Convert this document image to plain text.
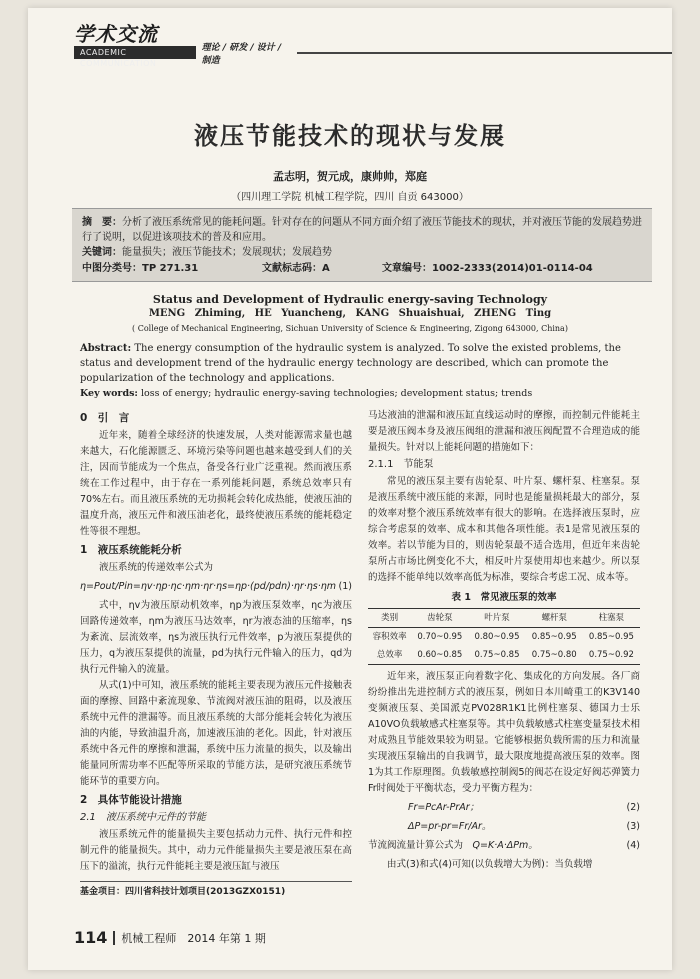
学术交流
ACADEMIC COMMUNICATION
理论 / 研发 / 设计 / 制造
液压节能技术的现状与发展
孟志明，贺元成，康帅帅，郑庭
（四川理工学院 机械工程学院，四川 自贡 643000）
摘　要：分析了液压系统常见的能耗问题。针对存在的问题从不同方面介绍了液压节能技术的现状，并对液压节能的发展趋势进行了说明，以促进该项技术的普及和应用。
关键词：能量损失；液压节能技术；发展现状；发展趋势
中图分类号：TP 271.31	文献标志码：A	文章编号：1002-2333(2014)01-0114-04
Status and Development of Hydraulic energy-saving Technology
MENG Zhiming, HE Yuancheng, KANG Shuaishuai, ZHENG Ting
( College of Mechanical Engineering, Sichuan University of Science & Engineering, Zigong 643000, China)
Abstract: The energy consumption of the hydraulic system is analyzed. To solve the existed problems, the status and development trend of the hydraulic energy technology are described, which can promote the popularization of the technology and applications.
Key words: loss of energy; hydraulic energy-saving technologies; development status; trends
0　引　言

近年来，随着全球经济的快速发展，人类对能源需求量也越来越大，石化能源匮乏、环境污染等问题也越来越受到人们的关注，因而节能成为一个焦点，备受各行业广泛重视。然而液压系统在工作过程中，由于存在一系列能耗问题，系统总效率只有70%左右。而且液压系统的无功损耗会转化成热能，使液压油的温度升高，液压元件和液压油老化，最终使液压系统的能耗稳定性等很不理想。

1　液压系统能耗分析

液压系统的传递效率公式为

η=Pout/Pin=ηv·ηp·ηc·ηm·ηr·ηs=ηp·(pd/pdn)·ηr·ηs·ηm (1)

式中，ηv为液压原动机效率，ηp为液压泵效率，ηc为液压回路传递效率，ηm为液压马达效率，ηr为液态油的压缩率，ηs为紊流、层流效率，ηs为液压执行元件效率，p为液压泵提供的压力，q为液压泵提供的流量，pd为执行元件输入的压力，qd为执行元件输入的流量。

从式(1)中可知，液压系统的能耗主要表现为液压元件接触表面的摩擦、回路中紊流现象、节流阀对液压油的阻碍，以及液压系统中元件的泄漏等。而且液压系统的大部分能耗会转化为液压油的内能，导致油温升高，加速液压油的老化。因此，针对液压系统中各元件的摩擦和泄漏，系统中压力流量的损失，以及输出能量同所需功率不匹配等所采取的节能方法，是研究液压系统节能环节的重要方向。

2　具体节能设计措施
2.1　液压系统中元件的节能

液压系统元件的能量损失主要包括动力元件、执行元件和控制元件的能量损失。其中，动力元件能量损失主要是液压泵在高压下的溢流，执行元件能耗主要是液压缸与液压

基金项目：四川省科技计划项目(2013GZX0151)

马达液油的泄漏和液压缸直线运动时的摩擦，而控制元件能耗主要是液压阀本身及液压阀组的泄漏和液压阀配置不合理造成的能量损失。针对以上能耗问题的措施如下：

2.1.1　节能泵

常见的液压泵主要有齿轮泵、叶片泵、螺杆泵、柱塞泵。泵是液压系统中液压能的来源，同时也是能量损耗最大的部分，泵的效率对整个液压系统效率有很大的影响。在选择液压泵时，应综合考虑泵的效率、成本和其他各项性能。表1是常见液压泵的效率。若以节能为目的，则齿轮泵最不适合选用，但近年来齿轮泵所占市场比例变化不大，相反叶片泵使用却也来越少。所以泵的选择不能单纯以效率高低为标准，要综合考虑工况、成本等。

表 1　常见液压泵的效率
类别	齿轮泵	叶片泵	螺杆泵	柱塞泵
容积效率	0.70~0.95	0.80~0.95	0.85~0.95	0.85~0.95
总效率	0.60~0.85	0.75~0.85	0.75~0.80	0.75~0.92

近年来，液压泵正向着数字化、集成化的方向发展。各厂商纷纷推出先进控制方式的液压泵，例如日本川崎重工的K3V140变频液压泵、美国派克PV028R1K1比例柱塞泵、德国力士乐A10VO负载敏感式柱塞泵等。其中负载敏感式柱塞变量泵技术相对成熟且节能效果较为明显。它能够根据负载所需的压力和流量实现液压泵输出的自我调节，最大限度地提高液压泵的效率。图1为其工作原理图。负载敏感控制阀5的阀芯在设定好阀芯弹簧力Fr时阀处于平衡状态，受力平衡方程为：

Fr=PcAr-PrAr；	(2)
ΔP=pr-pr=Fr/Ar。	(3)
节流阀流量计算公式为　 Q=K·A·ΔPm。	(4)

由式(3)和式(4)可知(以负载增大为例)：当负载增

114 机械工程师　2014 年第 1 期
